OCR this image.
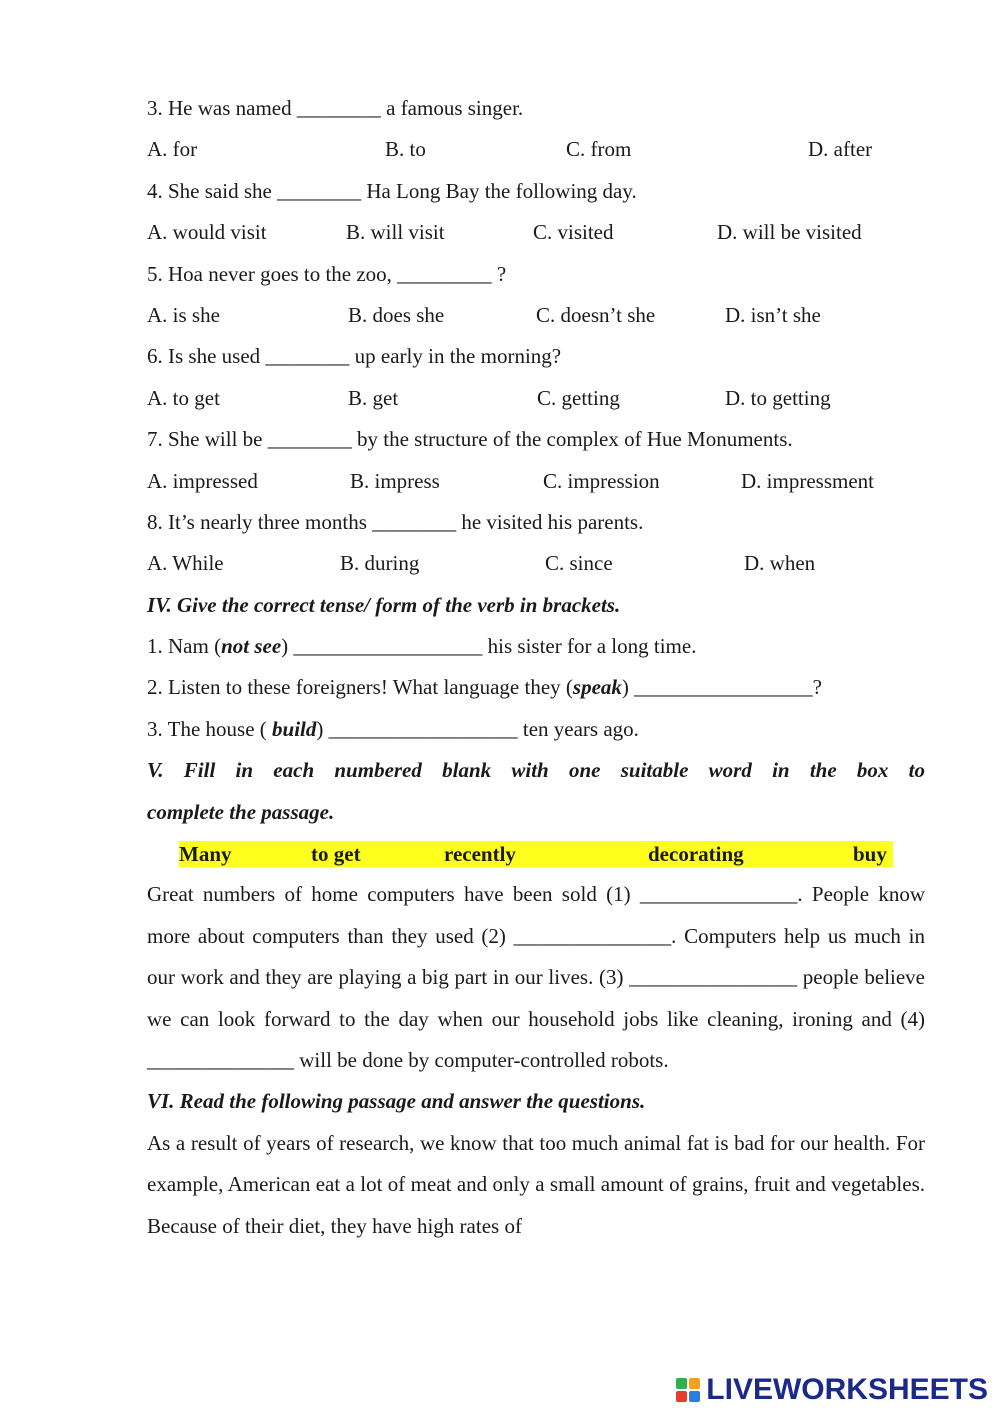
3. He was named ________ a famous singer.
A. for	B. to	C. from	D. after
4. She said she ________ Ha Long Bay the following day.
A. would visit	B. will visit	C. visited	D. will be visited
5. Hoa never goes to the zoo, _________ ?
A. is she	B. does she	C. doesn’t she	D. isn’t she
6. Is she used ________ up early in the morning?
A. to get	B. get	C. getting	D. to getting
7. She will be ________ by the structure of the complex of Hue Monuments.
A. impressed	B. impress	C. impression	D. impressment
8. It’s nearly three months ________ he visited his parents.
A. While	B. during	C. since	D. when
IV. Give the correct tense/ form of the verb in brackets.
1. Nam (not see) __________________ his sister for a long time.
2. Listen to these foreigners! What language they (speak) _________________?
3. The house ( build) __________________ ten years ago.
V. Fill in each numbered blank with one suitable word in the box to
complete the passage.
Many	to get	recently	decorating	buy
Great numbers of home computers have been sold (1) _______________. People know more about computers than they used (2) _______________. Computers help us much in our work and they are playing a big part in our lives. (3) ________________ people believe we can look forward to the day when our household jobs like cleaning, ironing and (4) ______________ will be done by computer-controlled robots.
VI. Read the following passage and answer the questions.
As a result of years of research, we know that too much animal fat is bad for our health. For example, American eat a lot of meat and only a small amount of grains, fruit and vegetables. Because of their diet, they have high rates of
LIVEWORKSHEETS
